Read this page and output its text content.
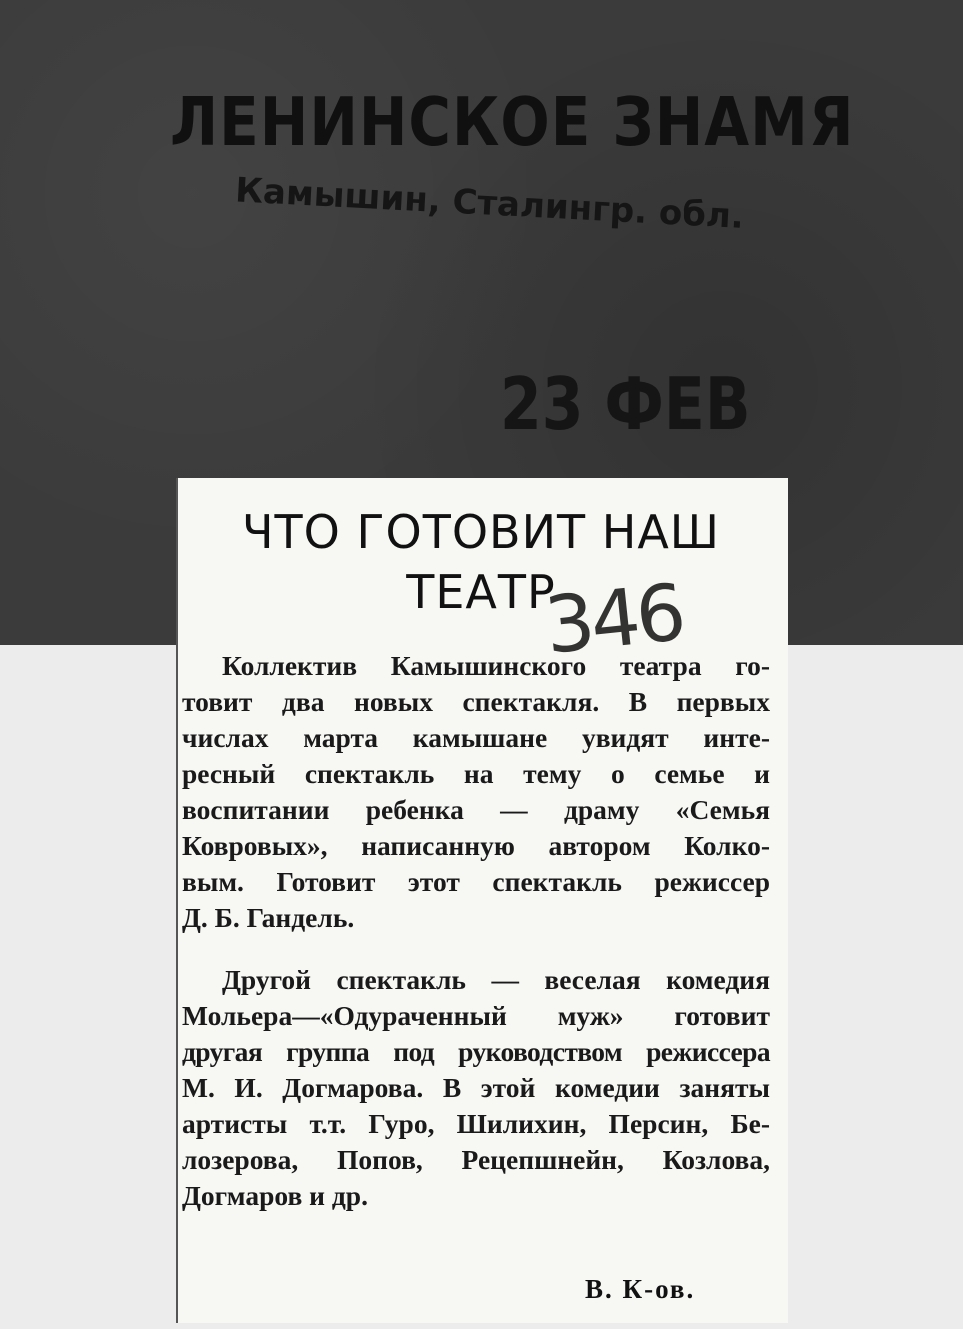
ЛЕНИНСКОЕ ЗНАМЯ
Камышин, Сталингр. обл.
23 ФЕВ
ЧТО ГОТОВИТ НАШ
ТЕАТР
346
Коллектив Камышинского театра го-
товит два новых спектакля. В первых
числах марта камышане увидят инте-
ресный спектакль на тему о семье и
воспитании ребенка — драму «Семья
Ковровых», написанную автором Колко-
вым. Готовит этот спектакль режиссер
Д. Б. Гандель.
Другой спектакль — веселая комедия
Мольера—«Одураченный муж» готовит
другая группа под руководством режиссера
М. И. Догмарова. В этой комедии заняты
артисты т.т. Гуро, Шилихин, Персин, Бе-
лозерова, Попов, Рецепшнейн, Козлова,
Догмаров и др.
В. К-ов.
